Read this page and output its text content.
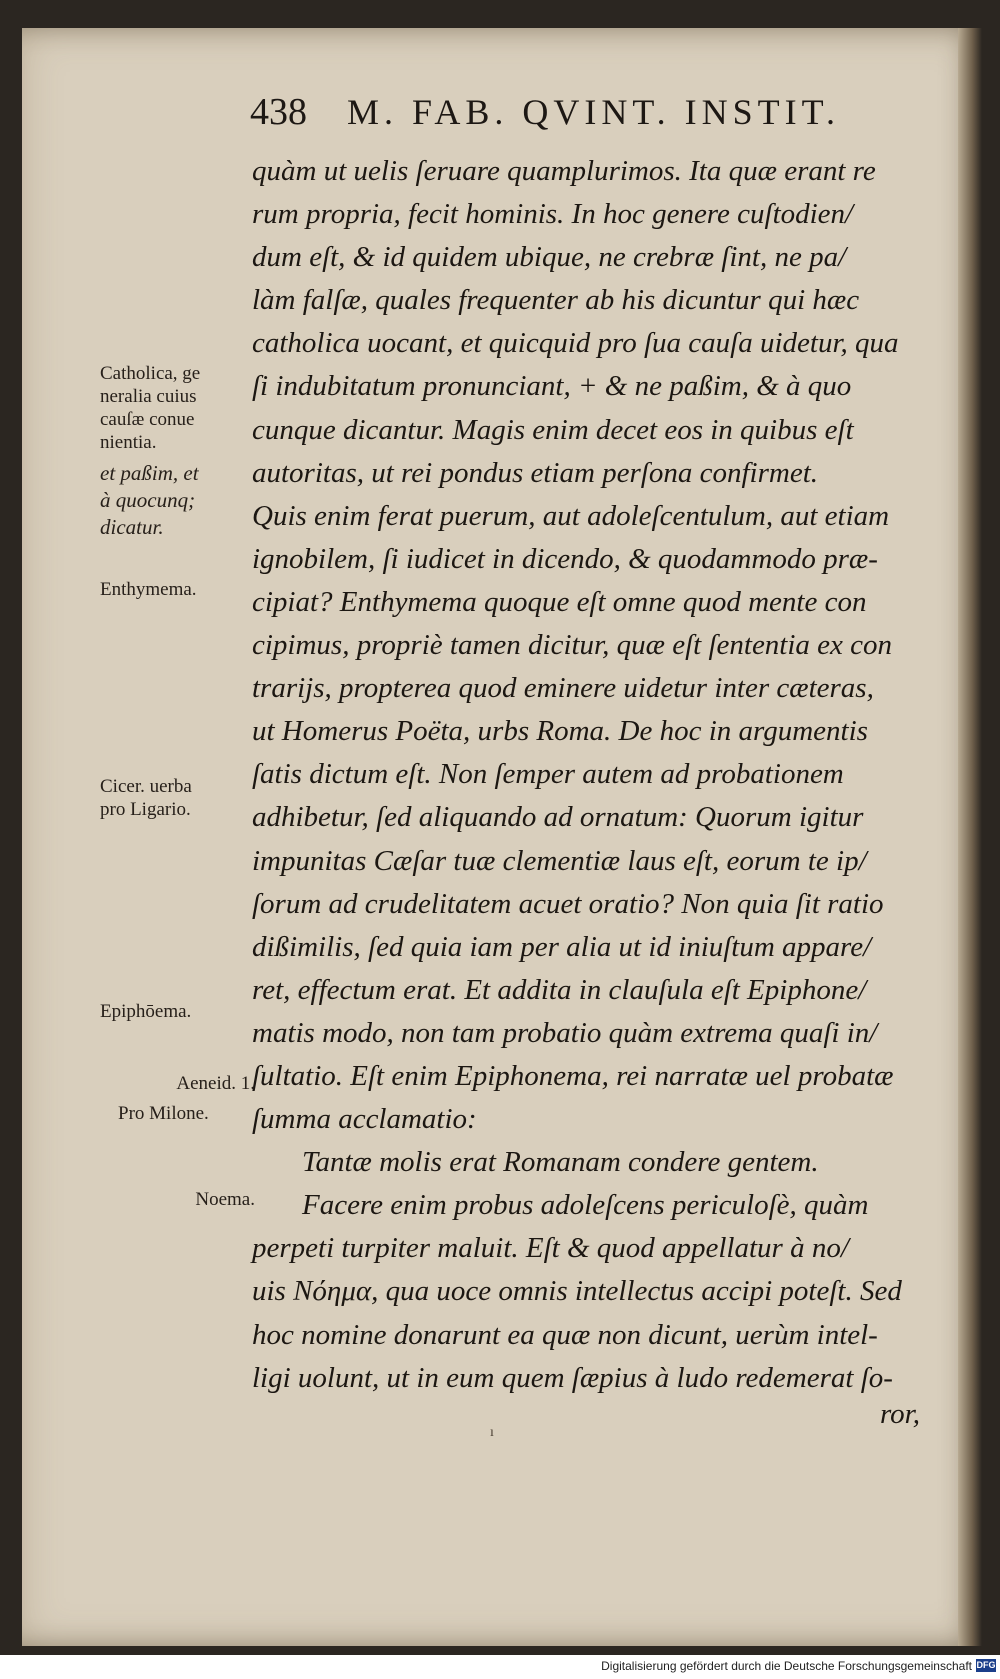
438 M. FAB. QVINT. INSTIT.
quàm ut uelis ſeruare quamplurimos. Ita quæ erant re
rum propria, fecit hominis. In hoc genere cuſtodien/
dum eſt, & id quidem ubique, ne crebræ ſint, ne pa/
làm falſæ, quales frequenter ab his dicuntur qui hæc
catholica uocant, et quicquid pro ſua cauſa uidetur, qua
ſi indubitatum pronunciant, + & ne paßim, & à quo
cunque dicantur. Magis enim decet eos in quibus eſt
autoritas, ut rei pondus etiam perſona confirmet.
Quis enim ferat puerum, aut adoleſcentulum, aut etiam
ignobilem, ſi iudicet in dicendo, & quodammodo præ-
cipiat? Enthymema quoque eſt omne quod mente con
cipimus, propriè tamen dicitur, quæ eſt ſententia ex con
trarijs, propterea quod eminere uidetur inter cæteras,
ut Homerus Poëta, urbs Roma. De hoc in argumentis
ſatis dictum eſt. Non ſemper autem ad probationem
adhibetur, ſed aliquando ad ornatum: Quorum igitur
impunitas Cæſar tuæ clementiæ laus eſt, eorum te ip/
ſorum ad crudelitatem acuet oratio? Non quia ſit ratio
dißimilis, ſed quia iam per alia ut id iniuſtum appare/
ret, effectum erat. Et addita in clauſula eſt Epiphone/
matis modo, non tam probatio quàm extrema quaſi in/
ſultatio. Eſt enim Epiphonema, rei narratæ uel probatæ
ſumma acclamatio:
Tantæ molis erat Romanam condere gentem.
Facere enim probus adoleſcens periculoſè, quàm
perpeti turpiter maluit. Eſt & quod appellatur à no/
uis Νόημα, qua uoce omnis intellectus accipi poteſt. Sed
hoc nomine donarunt ea quæ non dicunt, uerùm intel-
ligi uolunt, ut in eum quem ſæpius à ludo redemerat ſo-
ror,
Catholica, ge
neralia cuius
cauſæ conue
nientia.
et paßim, et
à quocunq;
dicatur.
Enthymema.
Cicer. uerba
pro Ligario.
Epiphōema.
Aeneid. 1.
Pro Milone.
Noema.
ı
Digitalisierung gefördert durch die Deutsche Forschungsgemeinschaft DFG
